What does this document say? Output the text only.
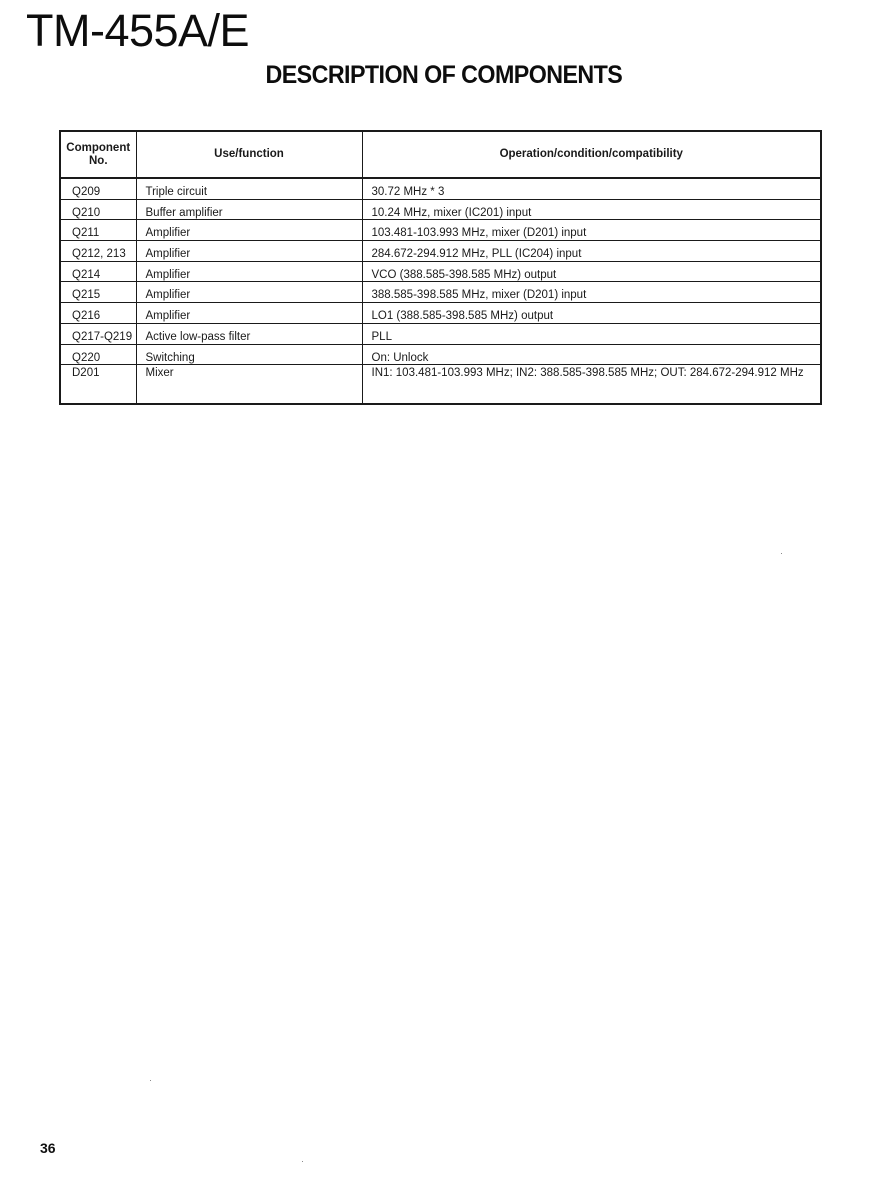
TM-455A/E
DESCRIPTION OF COMPONENTS
Component
No.	Use/function	Operation/condition/compatibility
Q209	Triple circuit	30.72 MHz * 3
Q210	Buffer amplifier	10.24 MHz, mixer (IC201) input
Q211	Amplifier	103.481-103.993 MHz, mixer (D201) input
Q212, 213	Amplifier	284.672-294.912 MHz, PLL (IC204) input
Q214	Amplifier	VCO (388.585-398.585 MHz) output
Q215	Amplifier	388.585-398.585 MHz, mixer (D201) input
Q216	Amplifier	LO1 (388.585-398.585 MHz) output
Q217-Q219	Active low-pass filter	PLL
Q220	Switching	On: Unlock
D201	Mixer	IN1: 103.481-103.993 MHz; IN2: 388.585-398.585 MHz; OUT: 284.672-294.912 MHz
36
